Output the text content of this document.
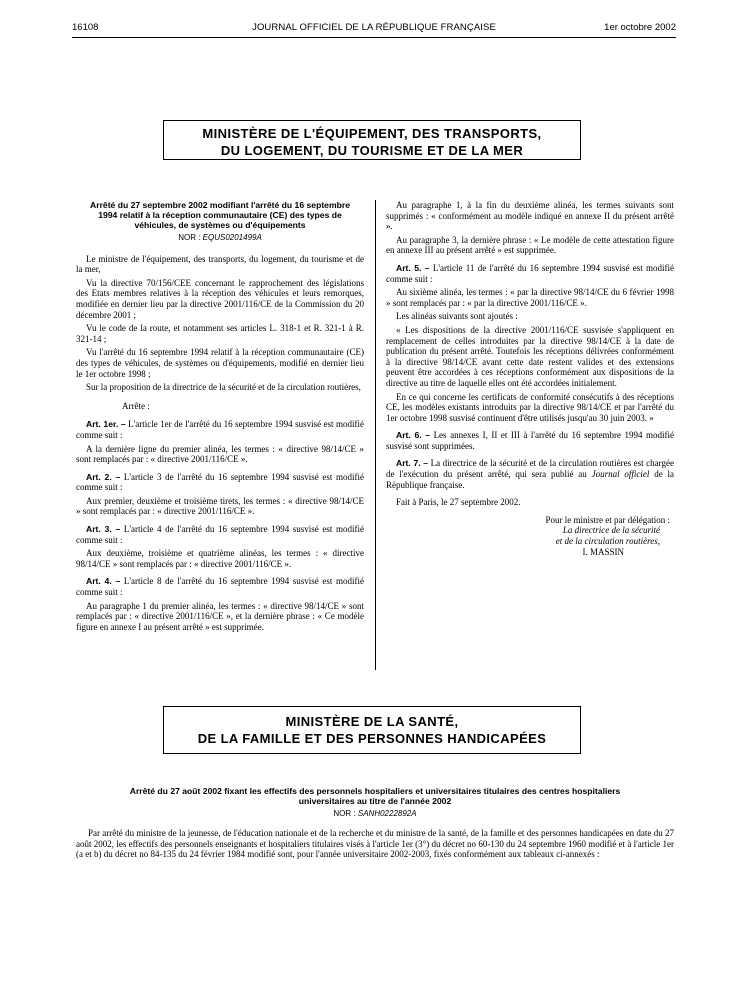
16108	JOURNAL OFFICIEL DE LA RÉPUBLIQUE FRANÇAISE	1er octobre 2002
MINISTÈRE DE L'ÉQUIPEMENT, DES TRANSPORTS,
DU LOGEMENT, DU TOURISME ET DE LA MER
Arrêté du 27 septembre 2002 modifiant l'arrêté du 16 septembre 1994 relatif à la réception communautaire (CE) des types de véhicules, de systèmes ou d'équipements
NOR : EQUS0201499A

Le ministre de l'équipement, des transports, du logement, du tourisme et de la mer,

Vu la directive 70/156/CEE concernant le rapprochement des législations des Etats membres relatives à la réception des véhicules et leurs remorques, modifiée en dernier lieu par la directive 2001/116/CE de la Commission du 20 décembre 2001 ;

Vu le code de la route, et notamment ses articles L. 318-1 et R. 321-1 à R. 321-14 ;

Vu l'arrêté du 16 septembre 1994 relatif à la réception communautaire (CE) des types de véhicules, de systèmes ou d'équipements, modifié en dernier lieu le 1er octobre 1998 ;

Sur la proposition de la directrice de la sécurité et de la circulation routières,

Arrête :

Art. 1er. – L'article 1er de l'arrêté du 16 septembre 1994 susvisé est modifié comme suit :

A la dernière ligne du premier alinéa, les termes : « directive 98/14/CE » sont remplacés par : « directive 2001/116/CE ».

Art. 2. – L'article 3 de l'arrêté du 16 septembre 1994 susvisé est modifié comme suit :

Aux premier, deuxième et troisième tirets, les termes : « directive 98/14/CE » sont remplacés par : « directive 2001/116/CE ».

Art. 3. – L'article 4 de l'arrêté du 16 septembre 1994 susvisé est modifié comme suit :

Aux deuxième, troisième et quatrième alinéas, les termes : « directive 98/14/CE » sont remplacés par : « directive 2001/116/CE ».

Art. 4. – L'article 8 de l'arrêté du 16 septembre 1994 susvisé est modifié comme suit :

Au paragraphe 1 du premier alinéa, les termes : « directive 98/14/CE » sont remplacés par : « directive 2001/116/CE », et la dernière phrase : « Ce modèle figure en annexe I au présent arrêté » est supprimée.

Au paragraphe 1, à la fin du deuxième alinéa, les termes suivants sont supprimés : « conformément au modèle indiqué en annexe II du présent arrêté ».

Au paragraphe 3, la dernière phrase : « Le modèle de cette attestation figure en annexe III au présent arrêté » est supprimée.

Art. 5. – L'article 11 de l'arrêté du 16 septembre 1994 susvisé est modifié comme suit :

Au sixième alinéa, les termes : « par la directive 98/14/CE du 6 février 1998 » sont remplacés par : « par la directive 2001/116/CE ».

Les alinéas suivants sont ajoutés :

« Les dispositions de la directive 2001/116/CE susvisée s'appliquent en remplacement de celles introduites par la directive 98/14/CE à la date de publication du présent arrêté. Toutefois les réceptions délivrées conformément à la directive 98/14/CE avant cette date restent valides et des extensions peuvent être accordées à ces réceptions conformément aux dispositions de la directive au titre de laquelle elles ont été accordées initialement.

En ce qui concerne les certificats de conformité consécutifs à des réceptions CE, les modèles existants introduits par la directive 98/14/CE et par l'arrêté du 1er octobre 1998 susvisé continuent d'être utilisés jusqu'au 30 juin 2003. »

Art. 6. – Les annexes I, II et III à l'arrêté du 16 septembre 1994 modifié susvisé sont supprimées.

Art. 7. – La directrice de la sécurité et de la circulation routières est chargée de l'exécution du présent arrêté, qui sera publié au Journal officiel de la République française.

Fait à Paris, le 27 septembre 2002.

Pour le ministre et par délégation :

La directrice de la sécurité

et de la circulation routières,

I. MASSIN

MINISTÈRE DE LA SANTÉ,
DE LA FAMILLE ET DES PERSONNES HANDICAPÉES
Arrêté du 27 août 2002 fixant les effectifs des personnels hospitaliers et universitaires titulaires des centres hospitaliers universitaires au titre de l'année 2002
NOR : SANH0222892A

Par arrêté du ministre de la jeunesse, de l'éducation nationale et de la recherche et du ministre de la santé, de la famille et des personnes handicapées en date du 27 août 2002, les effectifs des personnels enseignants et hospitaliers titulaires visés à l'article 1er (3°) du décret no 60-130 du 24 septembre 1960 modifié et à l'article 1er (a et b) du décret no 84-135 du 24 février 1984 modifié sont, pour l'année universitaire 2002-2003, fixés conformément aux tableaux ci-annexés :
